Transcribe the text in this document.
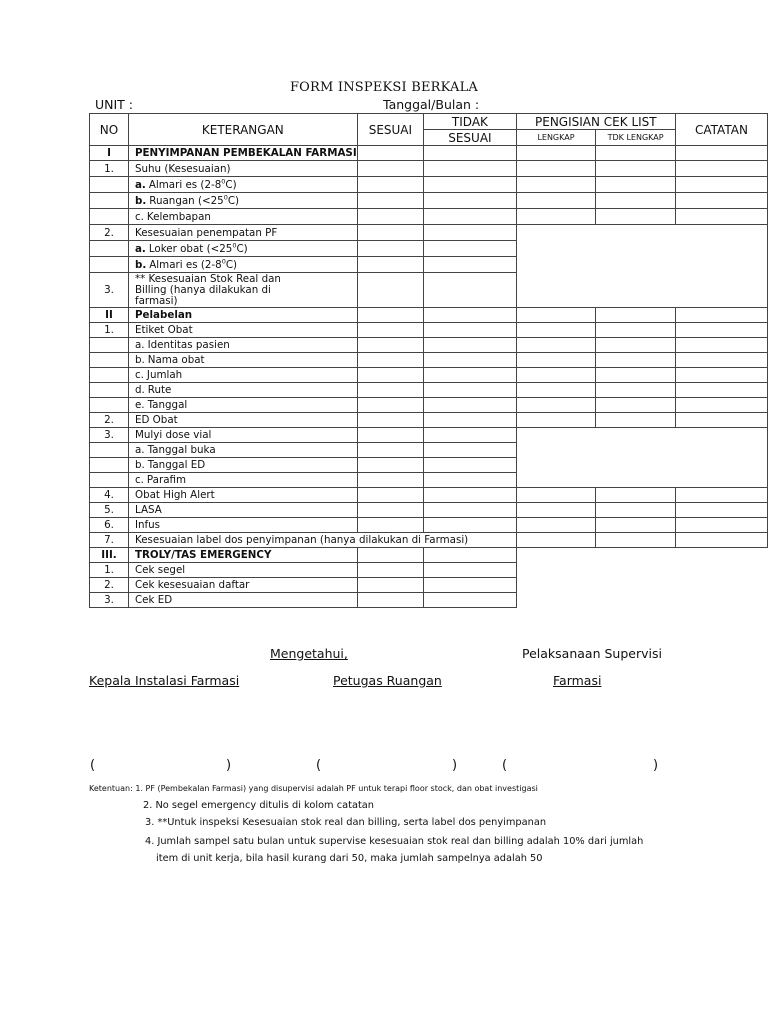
FORM INSPEKSI BERKALA
UNIT :	Tanggal/Bulan :
NO	KETERANGAN	SESUAI	TIDAK	PENGISIAN CEK LIST		CATATAN
			SESUAI	LENGKAP	TDK LENGKAP	
I	PENYIMPANAN PEMBEKALAN FARMASI					
1.	Suhu (Kesesuaian)					
	a. Almari es $(2-8^0C)$					
	b. Ruangan $(<25^0C)$					
	c. Kelembapan					
2.	Kesesuaian penempatan PF					
	a. Loker obat $(<25^0C)$					
	b. Almari es $(2-8^0C)$					
3.	** Kesesuaian Stok Real dan
Billing (hanya dilakukan di
farmasi)					

II	Pelabelan					
1.	Etiket Obat					
	a. Identitas pasien					
	b. Nama obat					
	c. Jumlah					
	d. Rute					
	e. Tanggal					
2.	ED Obat					
3.	Mulyi dose vial					
	a. Tanggal buka					
	b. Tanggal ED					
	c. Parafim					
4.	Obat High Alert					
5.	LASA					
6.	Infus					
7.	Kesesuaian label dos penyimpanan (hanya dilakukan di Farmasi)					
III.	TROLY/TAS EMERGENCY					
1.	Cek segel					
2.	Cek kesesuaian daftar					
3.	Cek ED					
Mengetahui,	Pelaksanaan Supervisi
Kepala Instalasi Farmasi	Petugas Ruangan	Farmasi
(	)	(	)	(	)
Ketentuan: 1. PF (Pembekalan Farmasi) yang disupervisi adalah PF untuk terapi floor stock, dan obat investigasi
2. No segel emergency ditulis di kolom catatan
3. **Untuk inspeksi Kesesuaian stok real dan billing, serta label dos penyimpanan
4. Jumlah sampel satu bulan untuk supervise kesesuaian stok real dan billing adalah 10% dari jumlah
item di unit kerja, bila hasil kurang dari 50, maka jumlah sampelnya adalah 50
